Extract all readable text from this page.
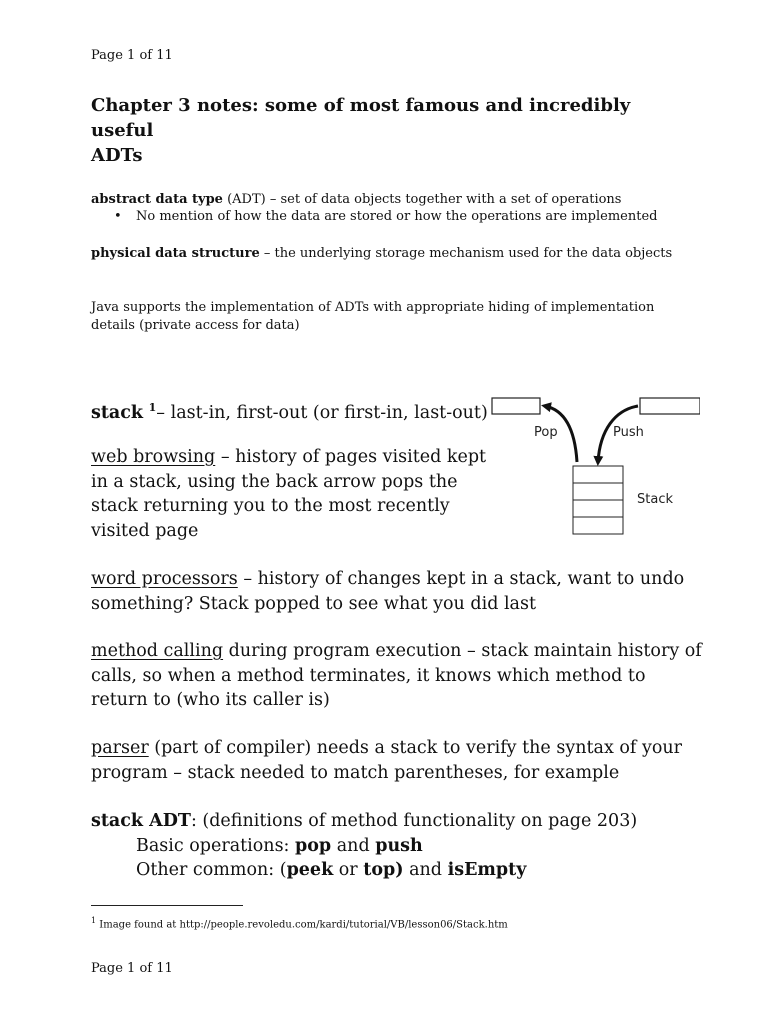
Page 1 of 11
Chapter 3 notes: some of most famous and incredibly useful
ADTs
abstract data type (ADT) – set of data objects together with a set of operations
• No mention of how the data are stored or how the operations are implemented
physical data structure – the underlying storage mechanism used for the data objects
Java supports the implementation of ADTs with appropriate hiding of implementation
details (private access for data)
stack $^1$– last-in, first-out (or first-in, last-out)
web browsing – history of pages visited kept
in a stack, using the back arrow pops the
stack returning you to the most recently
visited page
Pop	Push
Stack
word processors – history of changes kept in a stack, want to undo
something? Stack popped to see what you did last
method calling during program execution – stack maintain history of
calls, so when a method terminates, it knows which method to
return to (who its caller is)
parser (part of compiler) needs a stack to verify the syntax of your
program – stack needed to match parentheses, for example
stack ADT: (definitions of method functionality on page 203)
Basic operations: pop and push
Other common: (peek or top) and isEmpty
$^1$ Image found at http://people.revoledu.com/kardi/tutorial/VB/lesson06/Stack.htm
Page 1 of 11
